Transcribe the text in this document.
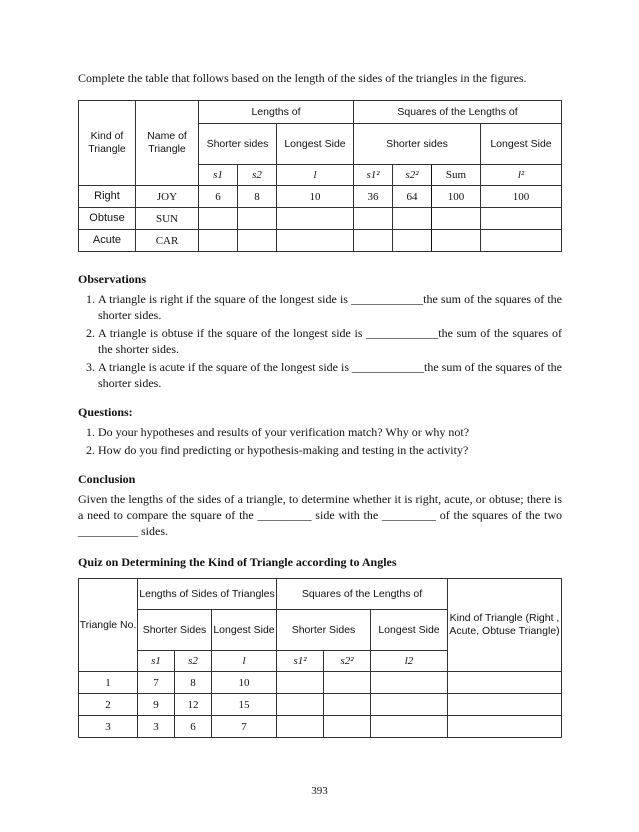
Complete the table that follows based on the length of the sides of the triangles in the figures.

Kind of Triangle	Name of Triangle	Lengths of			Squares of the Lengths of			
		Shorter sides		Longest Side	Shorter sides			Longest Side
		s1	s2	l	s1²	s2²	Sum	l²
Right	JOY	6	8	10	36	64	100	100
Obtuse	SUN							
Acute	CAR							
Observations
1. A triangle is right if the square of the longest side is ____________the sum of the squares of the shorter sides.
2. A triangle is obtuse if the square of the longest side is ____________the sum of the squares of the shorter sides.
3. A triangle is acute if the square of the longest side is ____________the sum of the squares of the shorter sides.
Questions:
1. Do your hypotheses and results of your verification match? Why or why not?
2. How do you find predicting or hypothesis-making and testing in the activity?
Conclusion

Given the lengths of the sides of a triangle, to determine whether it is right, acute, or obtuse; there is a need to compare the square of the _________ side with the _________ of the squares of the two __________ sides.

Quiz on Determining the Kind of Triangle according to Angles
Triangle No.	Lengths of Sides of Triangles			Squares of the Lengths of			Kind of Triangle (Right , Acute, Obtuse Triangle)
	Shorter Sides		Longest Side	Shorter Sides		Longest Side	
	s1	s2	l	s1²	s2²	l2	
1	7	8	10				
2	9	12	15				
3	3	6	7				
393
